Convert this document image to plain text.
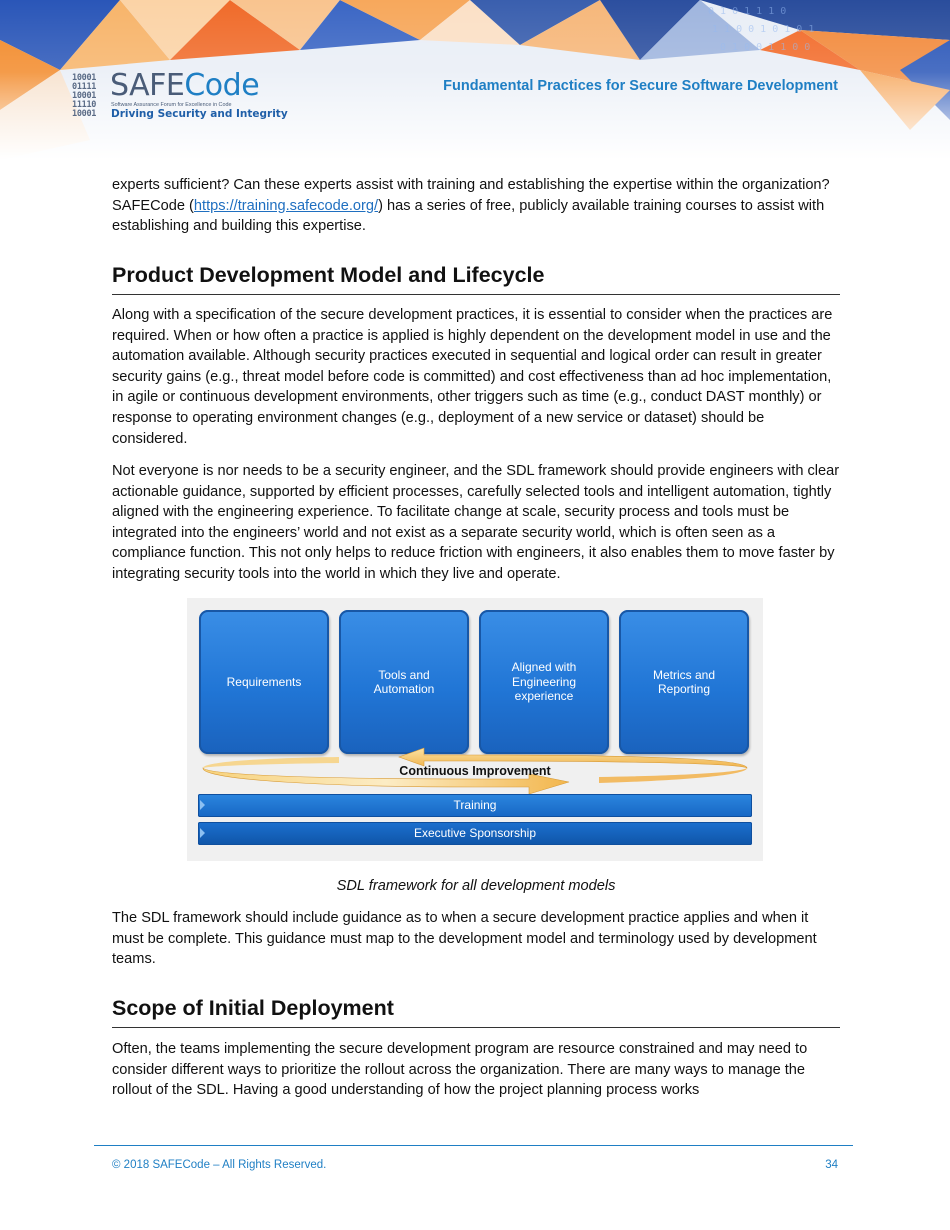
10001
01111
10001
11110
10001
SAFECode
Software Assurance Forum for Excellence in Code
Driving Security and Integrity
Fundamental Practices for Secure Software Development

experts sufficient? Can these experts assist with training and establishing the expertise within the organization? SAFECode (https://training.safecode.org/) has a series of free, publicly available training courses to assist with establishing and building this expertise.

Product Development Model and Lifecycle

Along with a specification of the secure development practices, it is essential to consider when the practices are required. When or how often a practice is applied is highly dependent on the development model in use and the automation available. Although security practices executed in sequential and logical order can result in greater security gains (e.g., threat model before code is committed) and cost effectiveness than ad hoc implementation, in agile or continuous development environments, other triggers such as time (e.g., conduct DAST monthly) or response to operating environment changes (e.g., deployment of a new service or dataset) should be considered.

Not everyone is nor needs to be a security engineer, and the SDL framework should provide engineers with clear actionable guidance, supported by efficient processes, carefully selected tools and intelligent automation, tightly aligned with the engineering experience. To facilitate change at scale, security process and tools must be integrated into the engineers’ world and not exist as a separate security world, which is often seen as a compliance function. This not only helps to reduce friction with engineers, it also enables them to move faster by integrating security tools into the world in which they live and operate.

Requirements
Tools and Automation
Aligned with Engineering experience
Metrics and Reporting
Continuous Improvement
Training
Executive Sponsorship

SDL framework for all development models

The SDL framework should include guidance as to when a secure development practice applies and when it must be complete. This guidance must map to the development model and terminology used by development teams.

Scope of Initial Deployment

Often, the teams implementing the secure development program are resource constrained and may need to consider different ways to prioritize the rollout across the organization. There are many ways to manage the rollout of the SDL. Having a good understanding of how the project planning process works

© 2018 SAFECode – All Rights Reserved.	34
